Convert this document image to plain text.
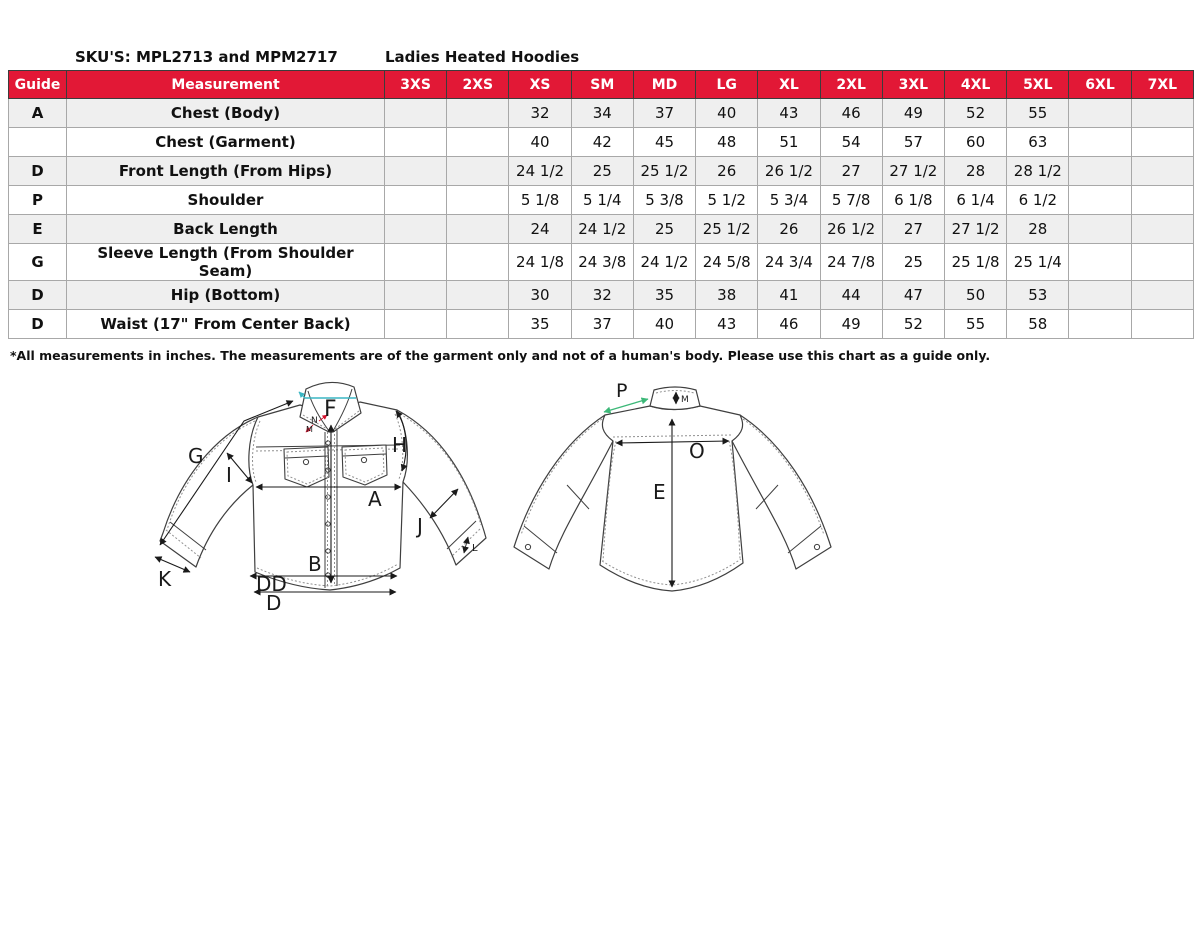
SKU'S: MPL2713 and MPM2717	Ladies Heated Hoodies
Guide	Measurement	3XS	2XS	XS	SM	MD	LG	XL	2XL	3XL	4XL	5XL	6XL	7XL
A	Chest (Body)			32	34	37	40	43	46	49	52	55		
	Chest (Garment)			40	42	45	48	51	54	57	60	63		
D	Front Length (From Hips)			24 1/2	25	25 1/2	26	26 1/2	27	27 1/2	28	28 1/2		
P	Shoulder			5 1/8	5 1/4	5 3/8	5 1/2	5 3/4	5 7/8	6 1/8	6 1/4	6 1/2		
E	Back Length			24	24 1/2	25	25 1/2	26	26 1/2	27	27 1/2	28		
G	Sleeve Length (From Shoulder Seam)			24 1/8	24 3/8	24 1/2	24 5/8	24 3/4	24 7/8	25	25 1/8	25 1/4		
D	Hip (Bottom)			30	32	35	38	41	44	47	50	53		
D	Waist (17" From Center Back)			35	37	40	43	46	49	52	55	58		
*All measurements in inches. The measurements are of the garment only and not of a human's body. Please use this chart as a guide only.
G
I
K
F
N
M
H
A
J
L
B
DD
D
P	M
O
E
